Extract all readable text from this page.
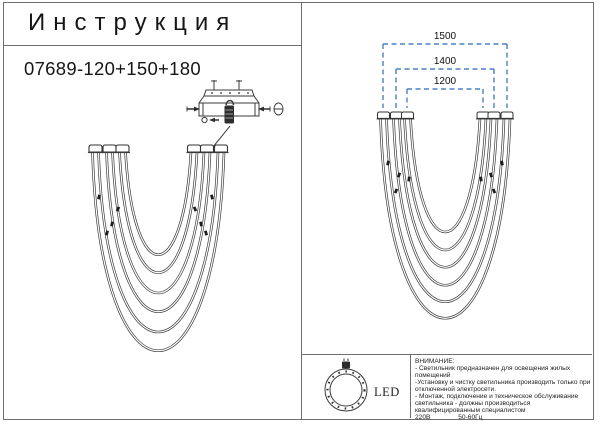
Инструкция
07689-120+150+180
1500
1400
1200
LED
ВНИМАНИЕ:
- Светильник предназначен для освещения жилых
помещений
-Установку и чистку светильника производить только при
отключенной электросети.
- Монтаж, подключение и техническое обслуживание
светильника - должны производиться
квалифицированным специалистом
220В	50-60Гц
